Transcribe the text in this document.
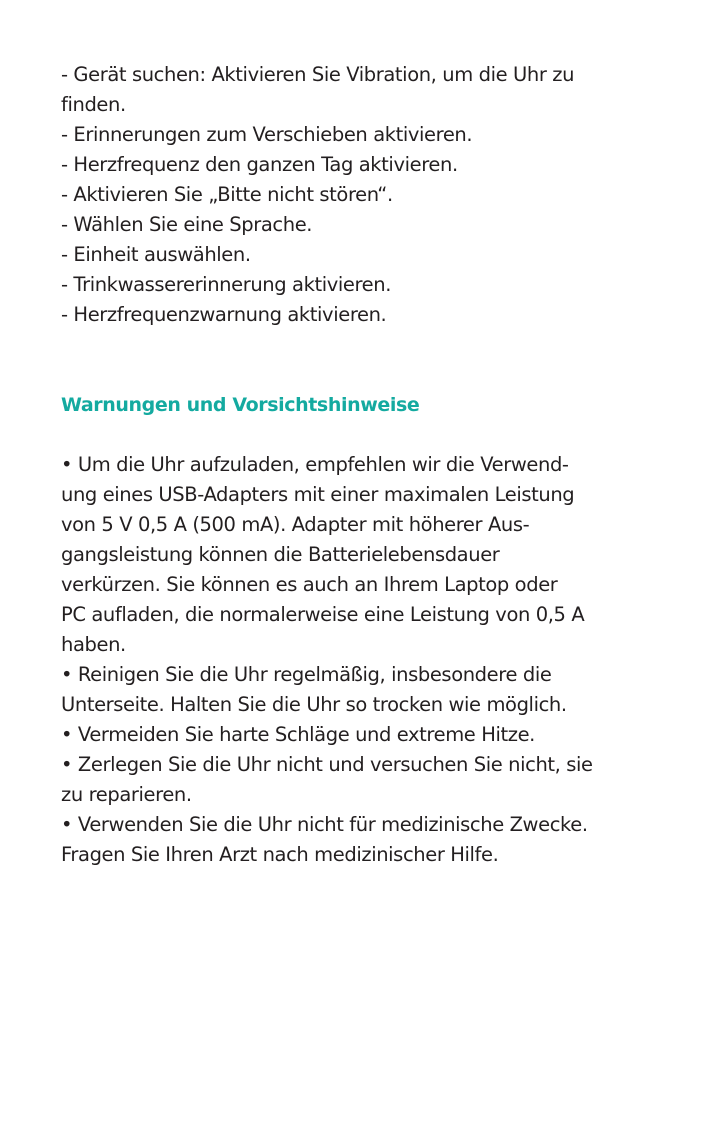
- Gerät suchen: Aktivieren Sie Vibration, um die Uhr zu
finden.
- Erinnerungen zum Verschieben aktivieren.
- Herzfrequenz den ganzen Tag aktivieren.
- Aktivieren Sie „Bitte nicht stören“.
- Wählen Sie eine Sprache.
- Einheit auswählen.
- Trinkwassererinnerung aktivieren.
- Herzfrequenzwarnung aktivieren.
Warnungen und Vorsichtshinweise
• Um die Uhr aufzuladen, empfehlen wir die Verwend-
ung eines USB-Adapters mit einer maximalen Leistung
von 5 V 0,5 A (500 mA). Adapter mit höherer Aus-
gangsleistung können die Batterielebensdauer
verkürzen. Sie können es auch an Ihrem Laptop oder
PC aufladen, die normalerweise eine Leistung von 0,5 A
haben.
• Reinigen Sie die Uhr regelmäßig, insbesondere die
Unterseite. Halten Sie die Uhr so trocken wie möglich.
• Vermeiden Sie harte Schläge und extreme Hitze.
• Zerlegen Sie die Uhr nicht und versuchen Sie nicht, sie
zu reparieren.
• Verwenden Sie die Uhr nicht für medizinische Zwecke.
Fragen Sie Ihren Arzt nach medizinischer Hilfe.
